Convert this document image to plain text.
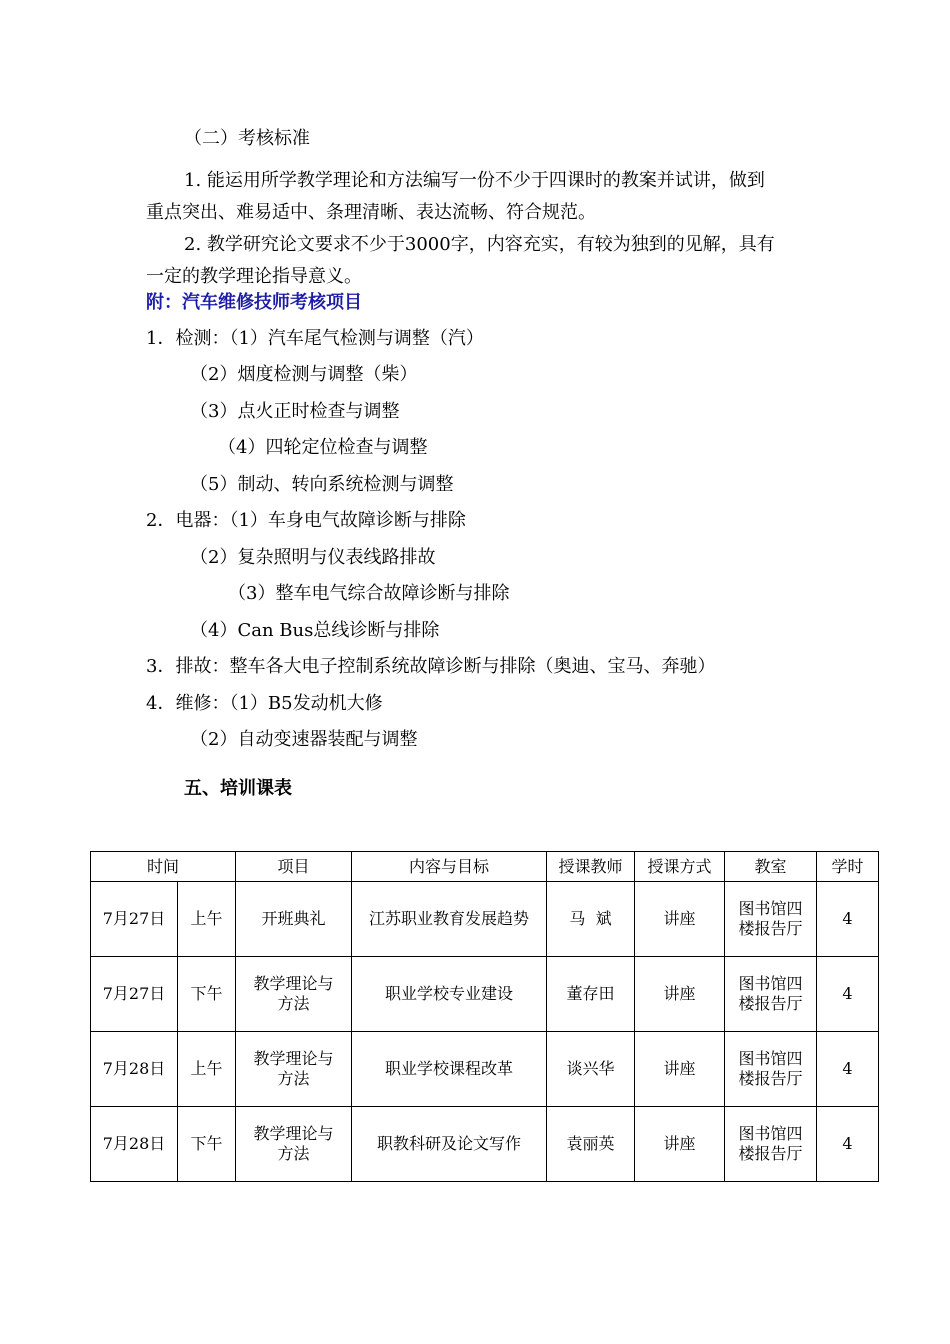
（二）考核标准
1. 能运用所学教学理论和方法编写一份不少于四课时的教案并试讲，做到
重点突出、难易适中、条理清晰、表达流畅、符合规范。
2. 教学研究论文要求不少于3000字，内容充实，有较为独到的见解，具有
一定的教学理论指导意义。
附：汽车维修技师考核项目
1．检测：（1）汽车尾气检测与调整（汽）
（2）烟度检测与调整（柴）
（3）点火正时检查与调整
（4）四轮定位检查与调整
（5）制动、转向系统检测与调整
2．电器：（1）车身电气故障诊断与排除
（2）复杂照明与仪表线路排故
（3）整车电气综合故障诊断与排除
（4）Can Bus总线诊断与排除
3．排故：整车各大电子控制系统故障诊断与排除（奥迪、宝马、奔驰）
4．维修：（1）B5发动机大修
（2）自动变速器装配与调整
五、培训课表
时间		项目	内容与目标	授课教师	授课方式	教室	学时
7月27日	上午	开班典礼	江苏职业教育发展趋势	马  斌	讲座	图书馆四楼报告厅	4
7月27日	下午	教学理论与方法	职业学校专业建设	董存田	讲座	图书馆四楼报告厅	4
7月28日	上午	教学理论与方法	职业学校课程改革	谈兴华	讲座	图书馆四楼报告厅	4
7月28日	下午	教学理论与方法	职教科研及论文写作	袁丽英	讲座	图书馆四楼报告厅	4
